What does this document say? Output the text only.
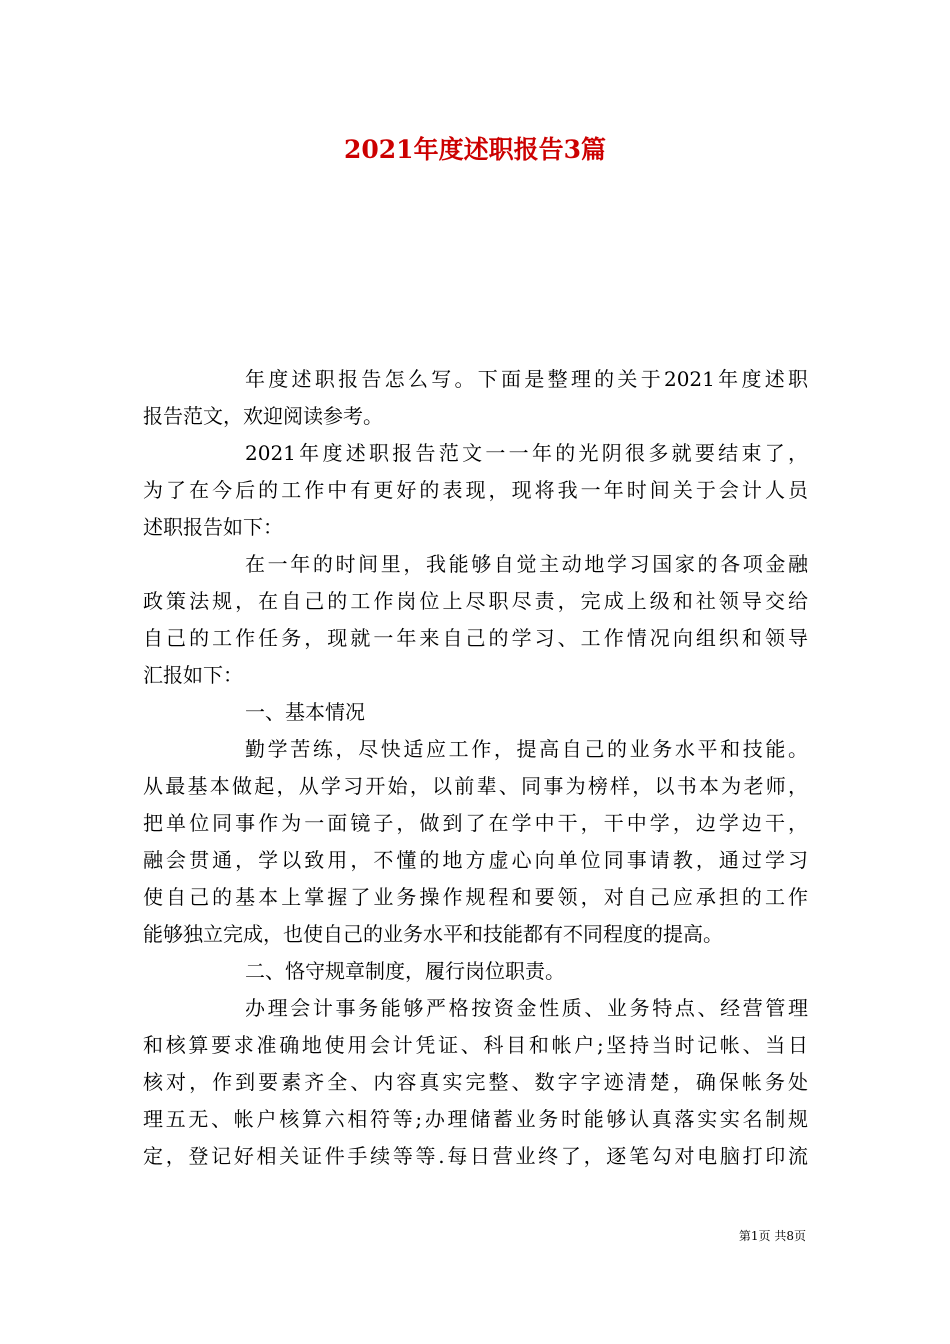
2021年度述职报告3篇
年度述职报告怎么写。下面是整理的关于2021年度述职
报告范文，欢迎阅读参考。
2021年度述职报告范文一一年的光阴很多就要结束了，
为了在今后的工作中有更好的表现，现将我一年时间关于会计人员
述职报告如下：
在一年的时间里，我能够自觉主动地学习国家的各项金融
政策法规，在自己的工作岗位上尽职尽责，完成上级和社领导交给
自己的工作任务，现就一年来自己的学习、工作情况向组织和领导
汇报如下：
一、基本情况
勤学苦练，尽快适应工作，提高自己的业务水平和技能。
从最基本做起，从学习开始，以前辈、同事为榜样，以书本为老师，
把单位同事作为一面镜子，做到了在学中干，干中学，边学边干，
融会贯通，学以致用，不懂的地方虚心向单位同事请教，通过学习
使自己的基本上掌握了业务操作规程和要领，对自己应承担的工作
能够独立完成，也使自己的业务水平和技能都有不同程度的提高。
二、恪守规章制度，履行岗位职责。
办理会计事务能够严格按资金性质、业务特点、经营管理
和核算要求准确地使用会计凭证、科目和帐户;坚持当时记帐、当日
核对，作到要素齐全、内容真实完整、数字字迹清楚，确保帐务处
理五无、帐户核算六相符等;办理储蓄业务时能够认真落实实名制规
定，登记好相关证件手续等等.每日营业终了，逐笔勾对电脑打印流
第1页 共8页
